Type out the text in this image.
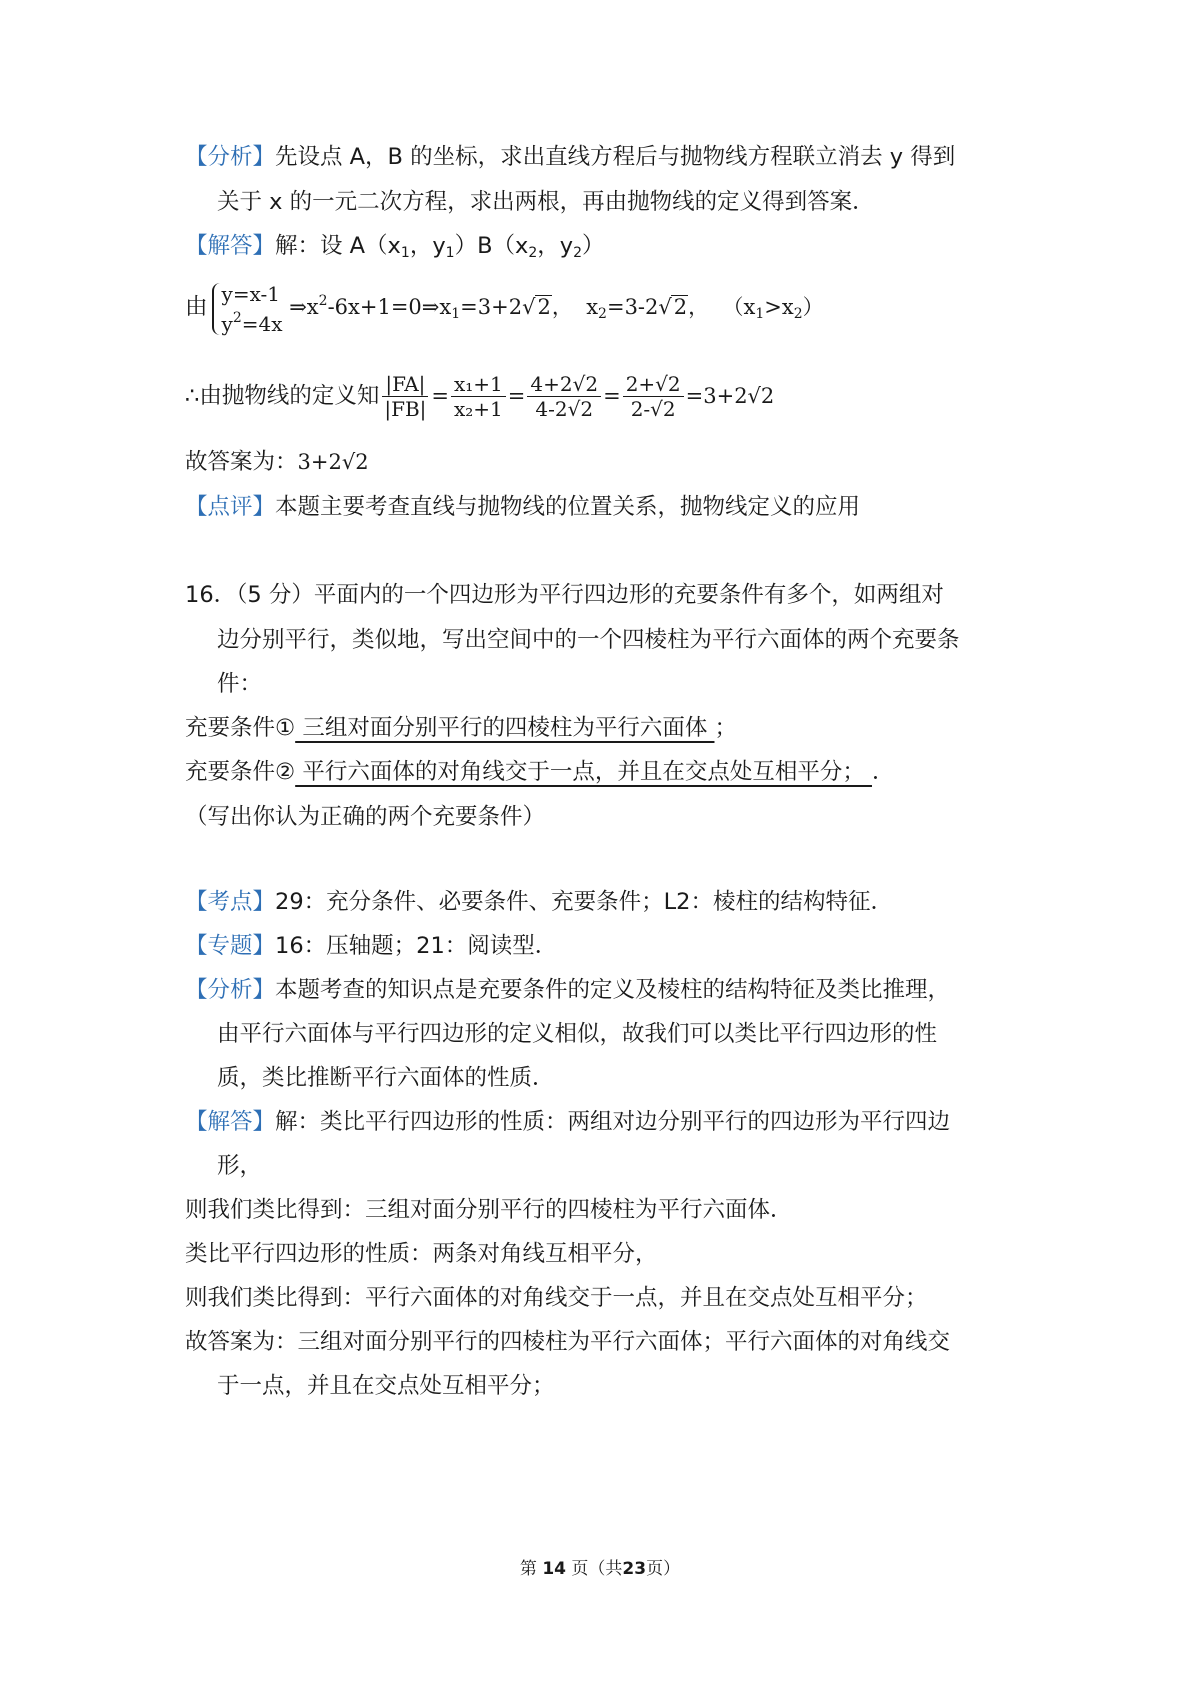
【分析】先设点 A，B 的坐标，求出直线方程后与抛物线方程联立消去 y 得到
关于 x 的一元二次方程，求出两根，再由抛物线的定义得到答案．
【解答】解：设 $A(x_1$，$y_1)B(x_2$，$y_2$）
由
y=x-1
$y^2=4x$
$\Rightarrow x^2-6x+1=0\Rightarrow x_1=3+2√$ 2，  $x_2=3-2√$ 2，  $(x_1>x_2)$
∴由抛物线的定义知 $\frac{|FA|}{|FB|} = \frac{\text{x₁+1}}{\text{x₂+1}} = \frac{4+2√2}{4-2√2} = \frac{2+√2}{2-√2} =3+2√2$
故答案为：3+2√2
【点评】本题主要考查直线与抛物线的位置关系，抛物线定义的应用
16．（5 分）平面内的一个四边形为平行四边形的充要条件有多个，如两组对
边分别平行，类似地，写出空间中的一个四棱柱为平行六面体的两个充要条
件：
充要条件① 三组对面分别平行的四棱柱为平行六面体 ；
充要条件② 平行六面体的对角线交于一点，并且在交点处互相平分； ．
（写出你认为正确的两个充要条件）
【考点】29：充分条件、必要条件、充要条件；L2：棱柱的结构特征．
【专题】16：压轴题；21：阅读型．
【分析】本题考查的知识点是充要条件的定义及棱柱的结构特征及类比推理，
由平行六面体与平行四边形的定义相似，故我们可以类比平行四边形的性
质，类比推断平行六面体的性质．
【解答】解：类比平行四边形的性质：两组对边分别平行的四边形为平行四边
形，
则我们类比得到：三组对面分别平行的四棱柱为平行六面体．
类比平行四边形的性质：两条对角线互相平分，
则我们类比得到：平行六面体的对角线交于一点，并且在交点处互相平分；
故答案为：三组对面分别平行的四棱柱为平行六面体；平行六面体的对角线交
于一点，并且在交点处互相平分；
第 14 页（共23页）
